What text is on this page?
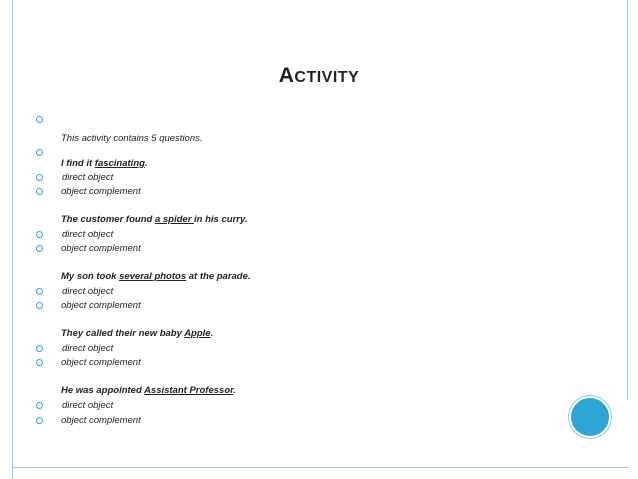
ACTIVITY
This activity contains 5 questions.
I find it fascinating.
direct object
object complement
The customer found a spider in his curry.
direct object
object complement
My son took several photos at the parade.
direct object
object complement
They called their new baby Apple.
direct object
object complement
He was appointed Assistant Professor.
direct object
object complement
